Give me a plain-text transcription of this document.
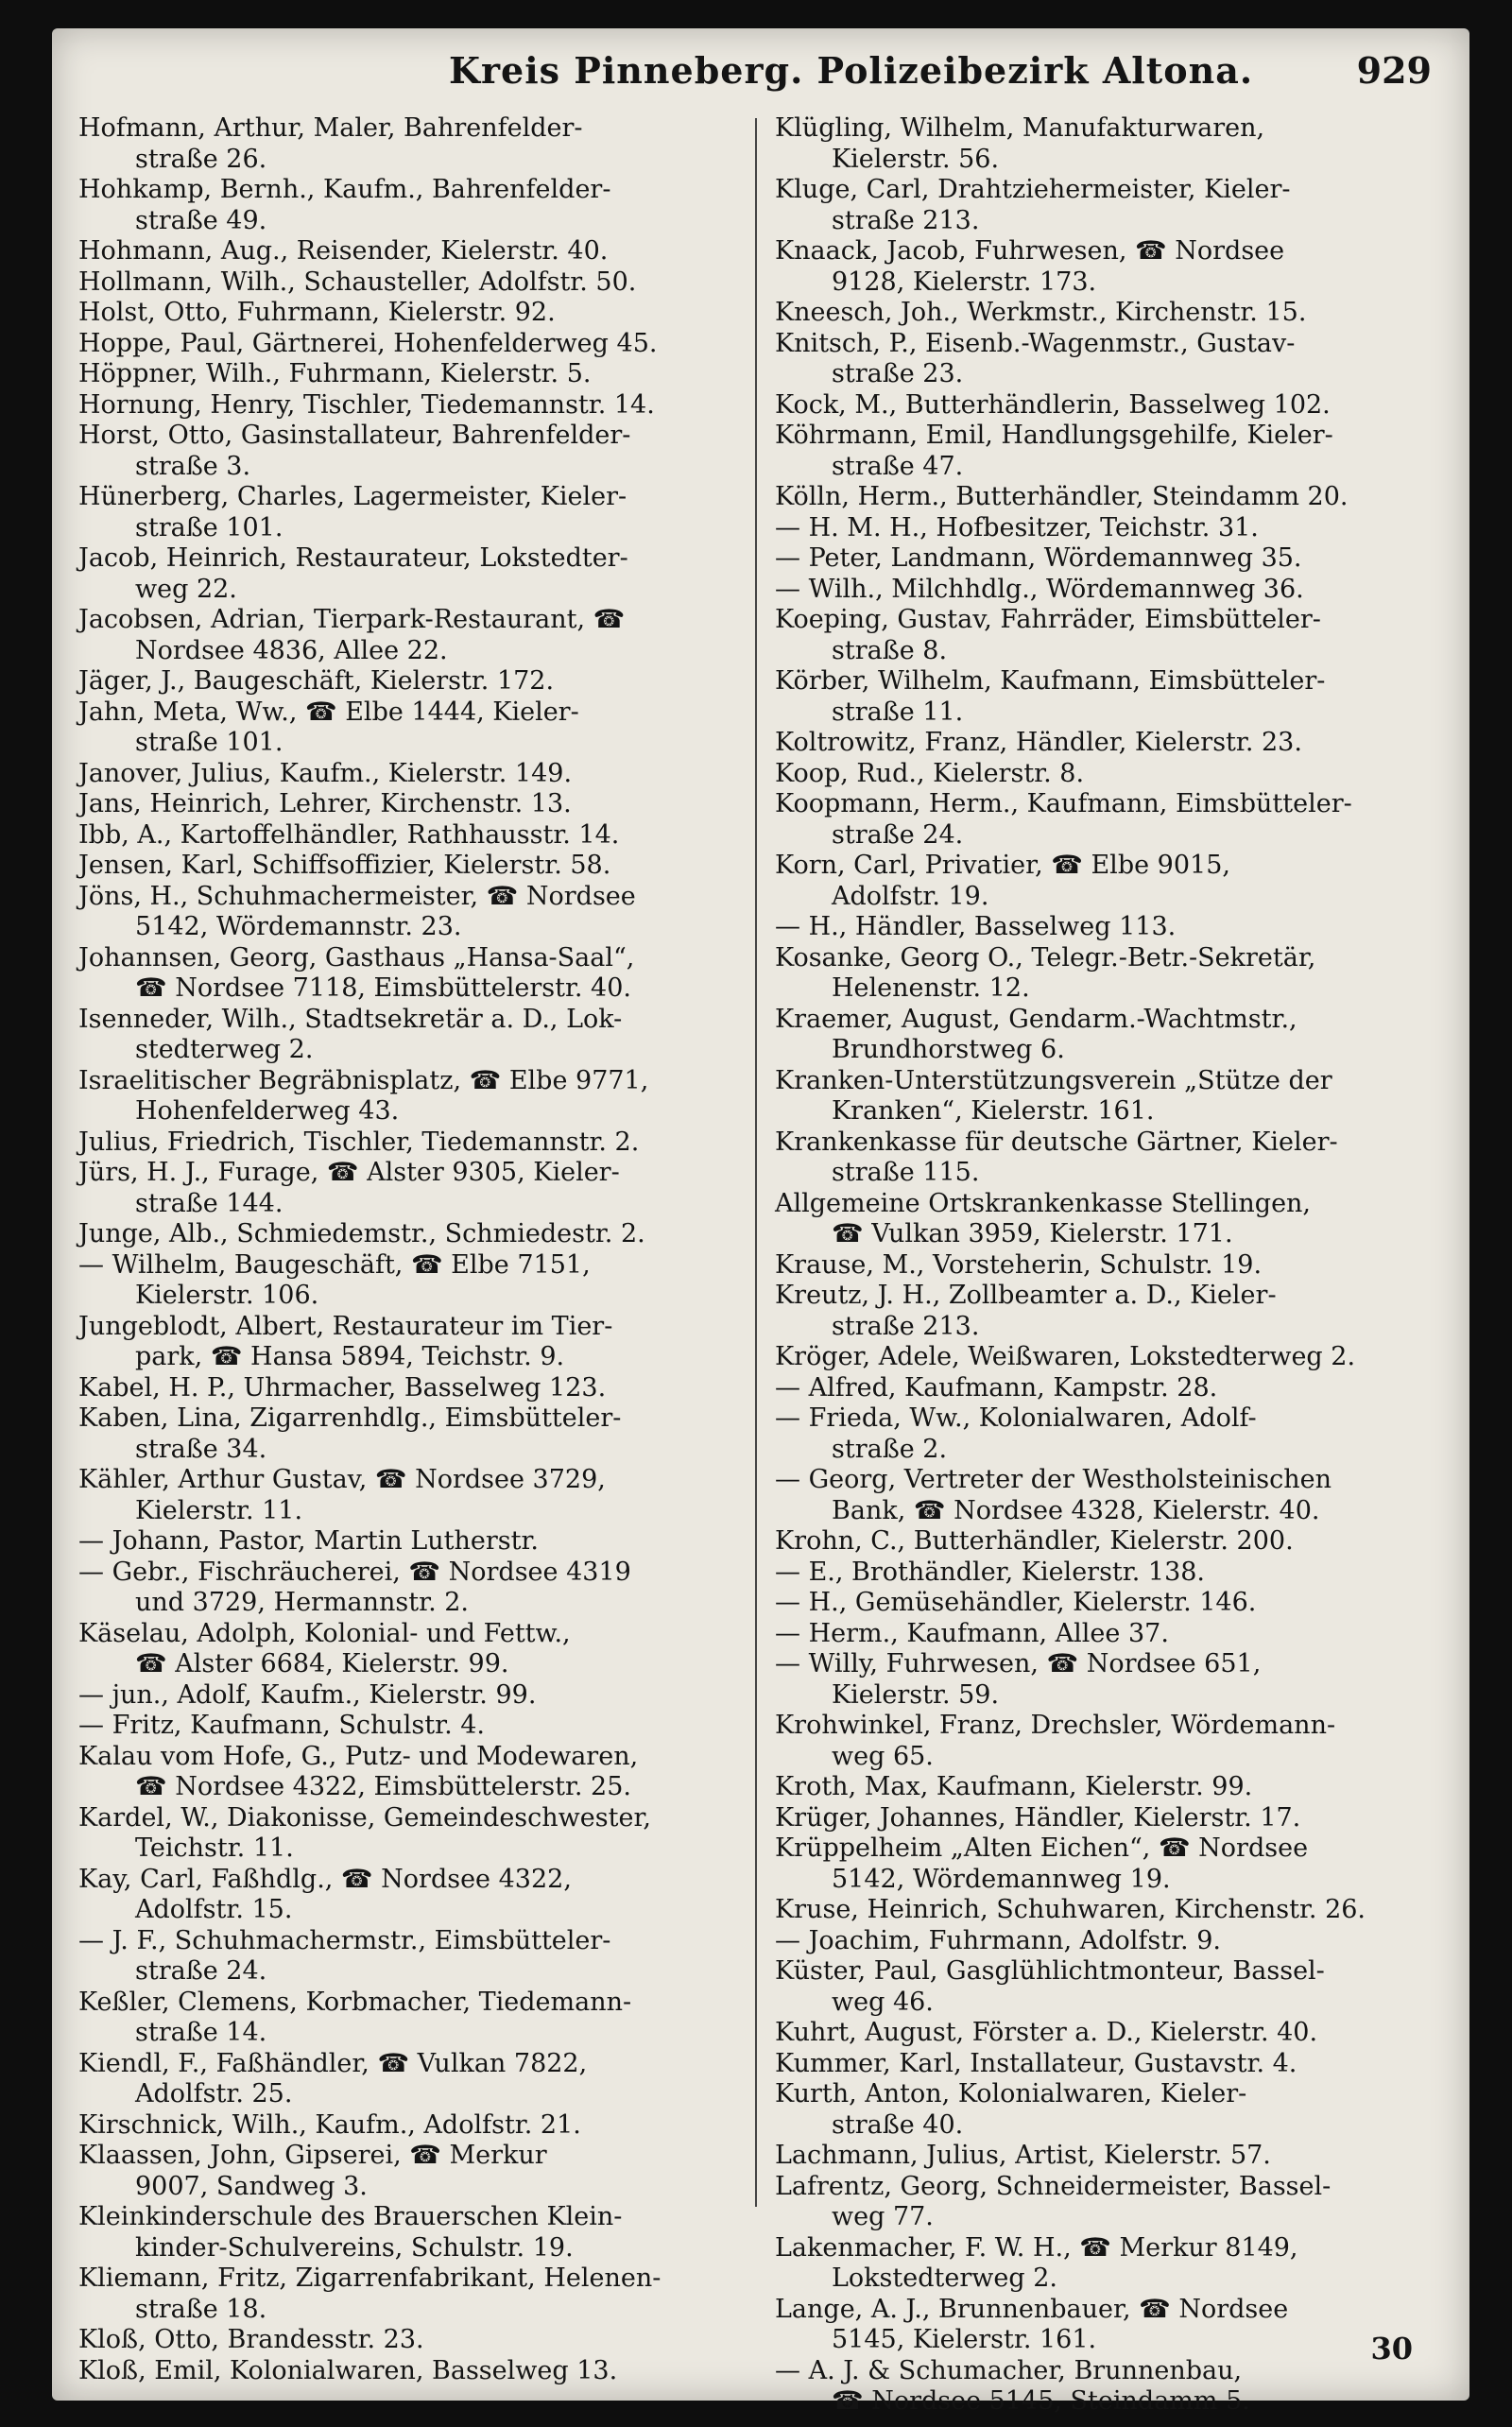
Kreis Pinneberg. Polizeibezirk Altona.	929
Hofmann, Arthur, Maler, Bahrenfelder-
straße 26.
Hohkamp, Bernh., Kaufm., Bahrenfelder-
straße 49.
Hohmann, Aug., Reisender, Kielerstr. 40.
Hollmann, Wilh., Schausteller, Adolfstr. 50.
Holst, Otto, Fuhrmann, Kielerstr. 92.
Hoppe, Paul, Gärtnerei, Hohenfelderweg 45.
Höppner, Wilh., Fuhrmann, Kielerstr. 5.
Hornung, Henry, Tischler, Tiedemannstr. 14.
Horst, Otto, Gasinstallateur, Bahrenfelder-
straße 3.
Hünerberg, Charles, Lagermeister, Kieler-
straße 101.
Jacob, Heinrich, Restaurateur, Lokstedter-
weg 22.
Jacobsen, Adrian, Tierpark-Restaurant, ☎
Nordsee 4836, Allee 22.
Jäger, J., Baugeschäft, Kielerstr. 172.
Jahn, Meta, Ww., ☎ Elbe 1444, Kieler-
straße 101.
Janover, Julius, Kaufm., Kielerstr. 149.
Jans, Heinrich, Lehrer, Kirchenstr. 13.
Ibb, A., Kartoffelhändler, Rathhausstr. 14.
Jensen, Karl, Schiffsoffizier, Kielerstr. 58.
Jöns, H., Schuhmachermeister, ☎ Nordsee
5142, Wördemannstr. 23.
Johannsen, Georg, Gasthaus „Hansa-Saal“,
☎ Nordsee 7118, Eimsbüttelerstr. 40.
Isenneder, Wilh., Stadtsekretär a. D., Lok-
stedterweg 2.
Israelitischer Begräbnisplatz, ☎ Elbe 9771,
Hohenfelderweg 43.
Julius, Friedrich, Tischler, Tiedemannstr. 2.
Jürs, H. J., Furage, ☎ Alster 9305, Kieler-
straße 144.
Junge, Alb., Schmiedemstr., Schmiedestr. 2.
— Wilhelm, Baugeschäft, ☎ Elbe 7151,
Kielerstr. 106.
Jungeblodt, Albert, Restaurateur im Tier-
park, ☎ Hansa 5894, Teichstr. 9.
Kabel, H. P., Uhrmacher, Basselweg 123.
Kaben, Lina, Zigarrenhdlg., Eimsbütteler-
straße 34.
Kähler, Arthur Gustav, ☎ Nordsee 3729,
Kielerstr. 11.
— Johann, Pastor, Martin Lutherstr.
— Gebr., Fischräucherei, ☎ Nordsee 4319
und 3729, Hermannstr. 2.
Käselau, Adolph, Kolonial- und Fettw.,
☎ Alster 6684, Kielerstr. 99.
— jun., Adolf, Kaufm., Kielerstr. 99.
— Fritz, Kaufmann, Schulstr. 4.
Kalau vom Hofe, G., Putz- und Modewaren,
☎ Nordsee 4322, Eimsbüttelerstr. 25.
Kardel, W., Diakonisse, Gemeindeschwester,
Teichstr. 11.
Kay, Carl, Faßhdlg., ☎ Nordsee 4322,
Adolfstr. 15.
— J. F., Schuhmachermstr., Eimsbütteler-
straße 24.
Keßler, Clemens, Korbmacher, Tiedemann-
straße 14.
Kiendl, F., Faßhändler, ☎ Vulkan 7822,
Adolfstr. 25.
Kirschnick, Wilh., Kaufm., Adolfstr. 21.
Klaassen, John, Gipserei, ☎ Merkur
9007, Sandweg 3.
Kleinkinderschule des Brauerschen Klein-
kinder-Schulvereins, Schulstr. 19.
Kliemann, Fritz, Zigarrenfabrikant, Helenen-
straße 18.
Kloß, Otto, Brandesstr. 23.
Kloß, Emil, Kolonialwaren, Basselweg 13.
Klügling, Wilhelm, Manufakturwaren,
Kielerstr. 56.
Kluge, Carl, Drahtziehermeister, Kieler-
straße 213.
Knaack, Jacob, Fuhrwesen, ☎ Nordsee
9128, Kielerstr. 173.
Kneesch, Joh., Werkmstr., Kirchenstr. 15.
Knitsch, P., Eisenb.-Wagenmstr., Gustav-
straße 23.
Kock, M., Butterhändlerin, Basselweg 102.
Köhrmann, Emil, Handlungsgehilfe, Kieler-
straße 47.
Kölln, Herm., Butterhändler, Steindamm 20.
— H. M. H., Hofbesitzer, Teichstr. 31.
— Peter, Landmann, Wördemannweg 35.
— Wilh., Milchhdlg., Wördemannweg 36.
Koeping, Gustav, Fahrräder, Eimsbütteler-
straße 8.
Körber, Wilhelm, Kaufmann, Eimsbütteler-
straße 11.
Koltrowitz, Franz, Händler, Kielerstr. 23.
Koop, Rud., Kielerstr. 8.
Koopmann, Herm., Kaufmann, Eimsbütteler-
straße 24.
Korn, Carl, Privatier, ☎ Elbe 9015,
Adolfstr. 19.
— H., Händler, Basselweg 113.
Kosanke, Georg O., Telegr.-Betr.-Sekretär,
Helenenstr. 12.
Kraemer, August, Gendarm.-Wachtmstr.,
Brundhorstweg 6.
Kranken-Unterstützungsverein „Stütze der
Kranken“, Kielerstr. 161.
Krankenkasse für deutsche Gärtner, Kieler-
straße 115.
Allgemeine Ortskrankenkasse Stellingen,
☎ Vulkan 3959, Kielerstr. 171.
Krause, M., Vorsteherin, Schulstr. 19.
Kreutz, J. H., Zollbeamter a. D., Kieler-
straße 213.
Kröger, Adele, Weißwaren, Lokstedterweg 2.
— Alfred, Kaufmann, Kampstr. 28.
— Frieda, Ww., Kolonialwaren, Adolf-
straße 2.
— Georg, Vertreter der Westholsteinischen
Bank, ☎ Nordsee 4328, Kielerstr. 40.
Krohn, C., Butterhändler, Kielerstr. 200.
— E., Brothändler, Kielerstr. 138.
— H., Gemüsehändler, Kielerstr. 146.
— Herm., Kaufmann, Allee 37.
— Willy, Fuhrwesen, ☎ Nordsee 651,
Kielerstr. 59.
Krohwinkel, Franz, Drechsler, Wördemann-
weg 65.
Kroth, Max, Kaufmann, Kielerstr. 99.
Krüger, Johannes, Händler, Kielerstr. 17.
Krüppelheim „Alten Eichen“, ☎ Nordsee
5142, Wördemannweg 19.
Kruse, Heinrich, Schuhwaren, Kirchenstr. 26.
— Joachim, Fuhrmann, Adolfstr. 9.
Küster, Paul, Gasglühlichtmonteur, Bassel-
weg 46.
Kuhrt, August, Förster a. D., Kielerstr. 40.
Kummer, Karl, Installateur, Gustavstr. 4.
Kurth, Anton, Kolonialwaren, Kieler-
straße 40.
Lachmann, Julius, Artist, Kielerstr. 57.
Lafrentz, Georg, Schneidermeister, Bassel-
weg 77.
Lakenmacher, F. W. H., ☎ Merkur 8149,
Lokstedterweg 2.
Lange, A. J., Brunnenbauer, ☎ Nordsee
5145, Kielerstr. 161.
— A. J. & Schumacher, Brunnenbau,
☎ Nordsee 5145, Steindamm 5.
30
